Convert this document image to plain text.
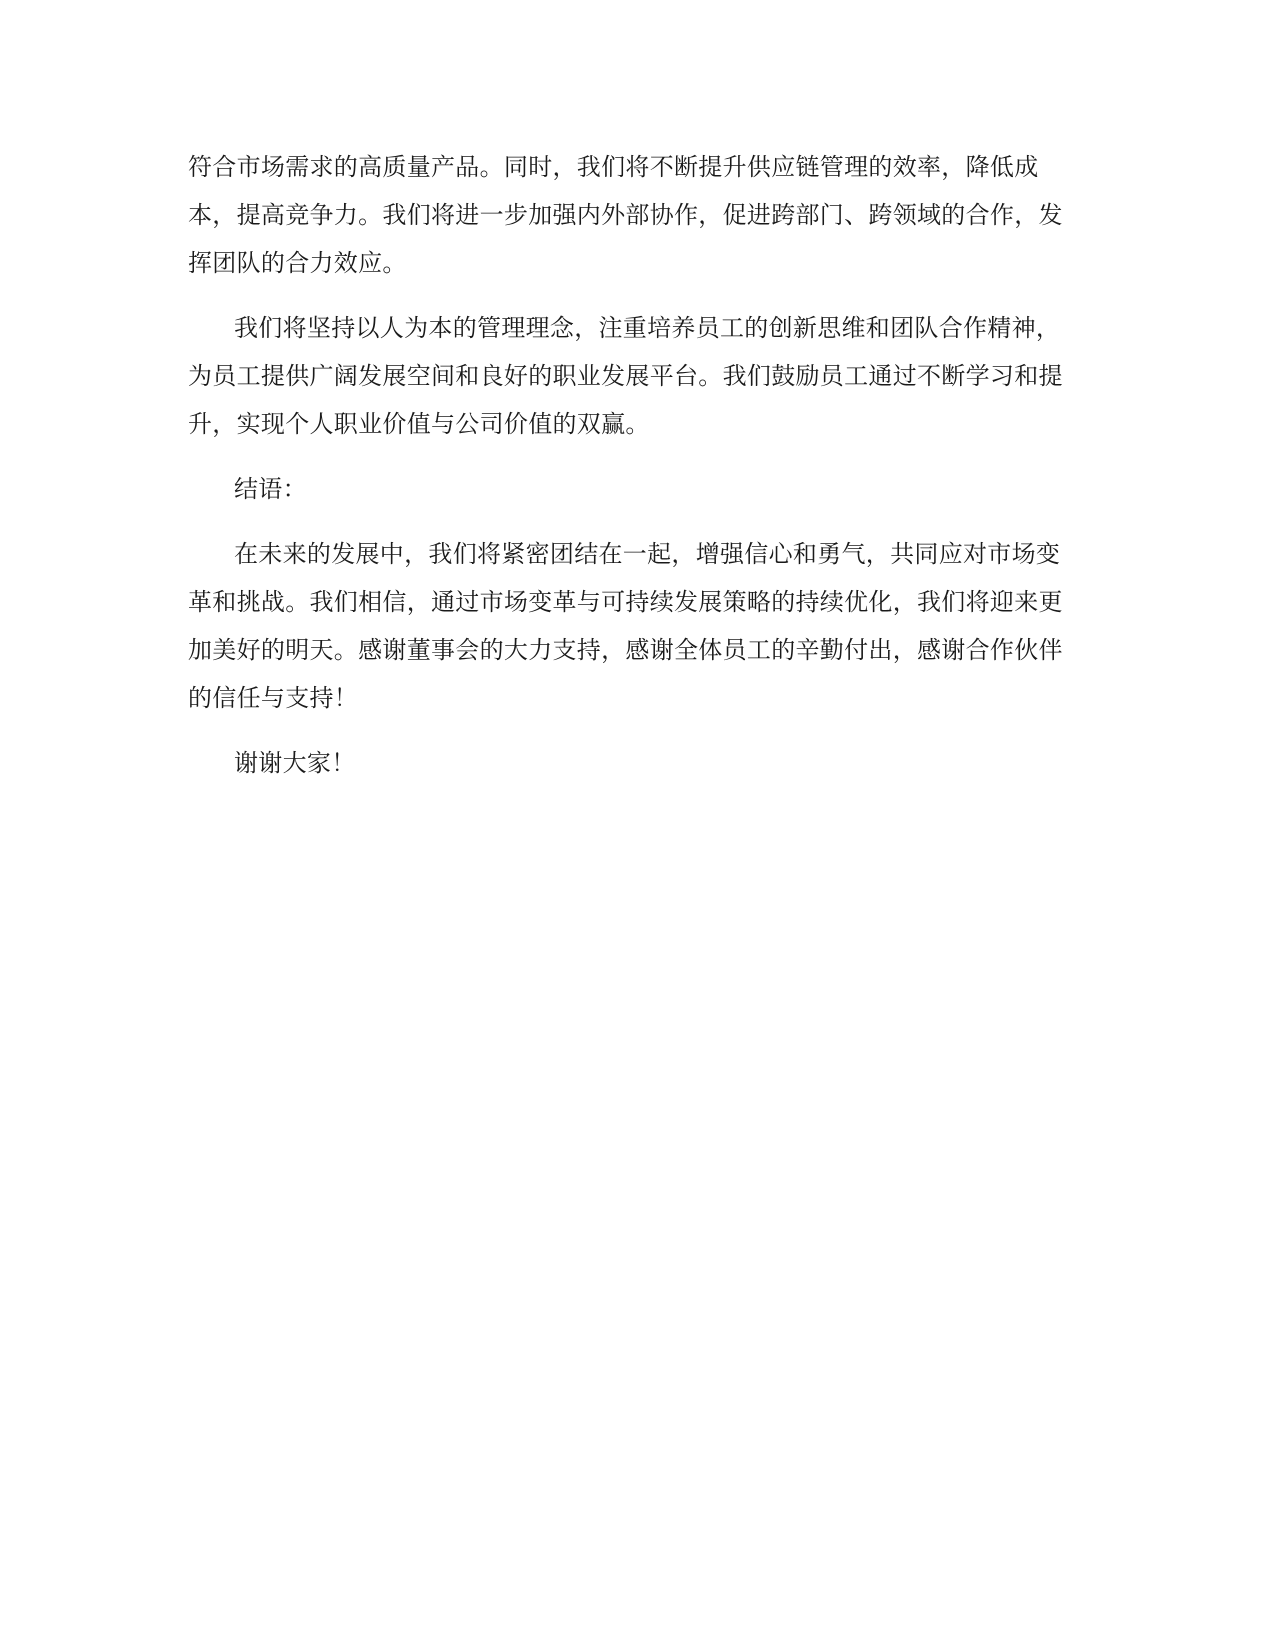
符合市场需求的高质量产品。同时，我们将不断提升供应链管理的效率，降低成
本，提高竞争力。我们将进一步加强内外部协作，促进跨部门、跨领域的合作，发
挥团队的合力效应。

我们将坚持以人为本的管理理念，注重培养员工的创新思维和团队合作精神，
为员工提供广阔发展空间和良好的职业发展平台。我们鼓励员工通过不断学习和提
升，实现个人职业价值与公司价值的双赢。

结语：

在未来的发展中，我们将紧密团结在一起，增强信心和勇气，共同应对市场变
革和挑战。我们相信，通过市场变革与可持续发展策略的持续优化，我们将迎来更
加美好的明天。感谢董事会的大力支持，感谢全体员工的辛勤付出，感谢合作伙伴
的信任与支持！

谢谢大家！
